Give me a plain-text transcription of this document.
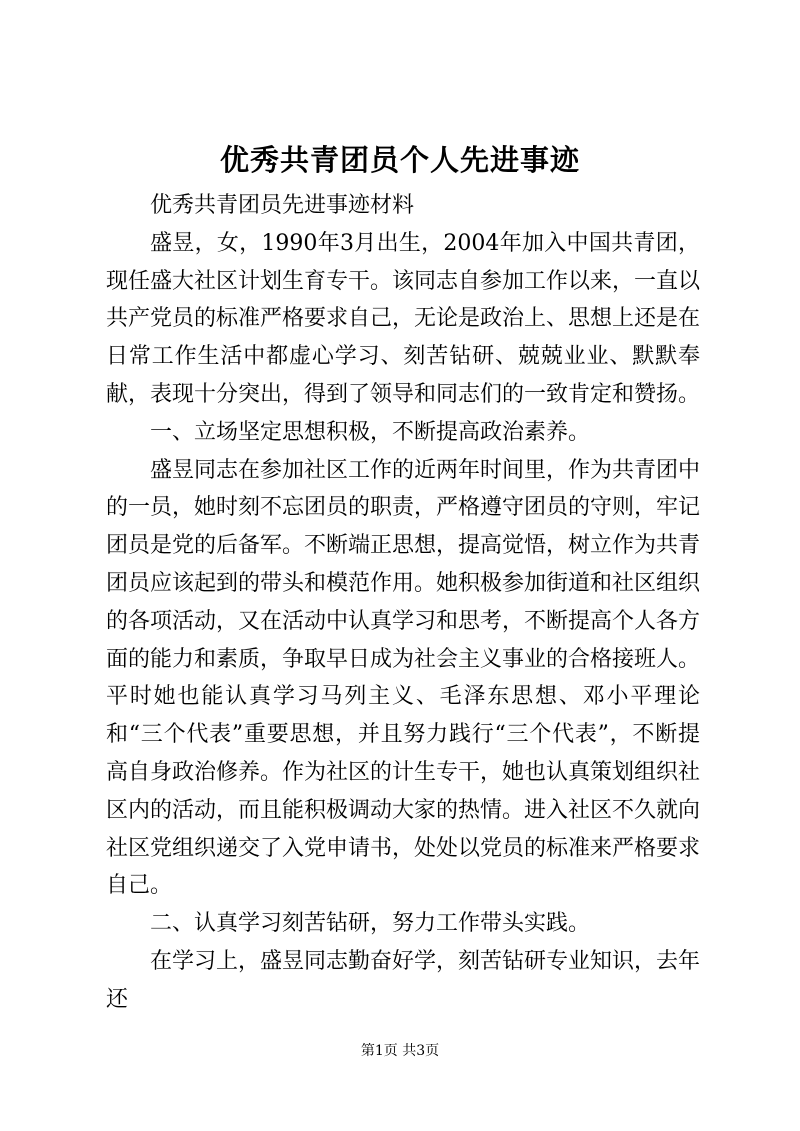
优秀共青团员个人先进事迹

优秀共青团员先进事迹材料

盛昱，女，1990年3月出生，2004年加入中国共青团，现任盛大社区计划生育专干。该同志自参加工作以来，一直以共产党员的标准严格要求自己，无论是政治上、思想上还是在日常工作生活中都虚心学习、刻苦钻研、兢兢业业、默默奉献，表现十分突出，得到了领导和同志们的一致肯定和赞扬。

一、立场坚定思想积极，不断提高政治素养。

盛昱同志在参加社区工作的近两年时间里，作为共青团中的一员，她时刻不忘团员的职责，严格遵守团员的守则，牢记团员是党的后备军。不断端正思想，提高觉悟，树立作为共青团员应该起到的带头和模范作用。她积极参加街道和社区组织的各项活动，又在活动中认真学习和思考，不断提高个人各方面的能力和素质，争取早日成为社会主义事业的合格接班人。平时她也能认真学习马列主义、毛泽东思想、邓小平理论和“三个代表”重要思想，并且努力践行“三个代表”，不断提高自身政治修养。作为社区的计生专干，她也认真策划组织社区内的活动，而且能积极调动大家的热情。进入社区不久就向社区党组织递交了入党申请书，处处以党员的标准来严格要求自己。

二、认真学习刻苦钻研，努力工作带头实践。

在学习上，盛昱同志勤奋好学，刻苦钻研专业知识，去年还

第1页 共3页
